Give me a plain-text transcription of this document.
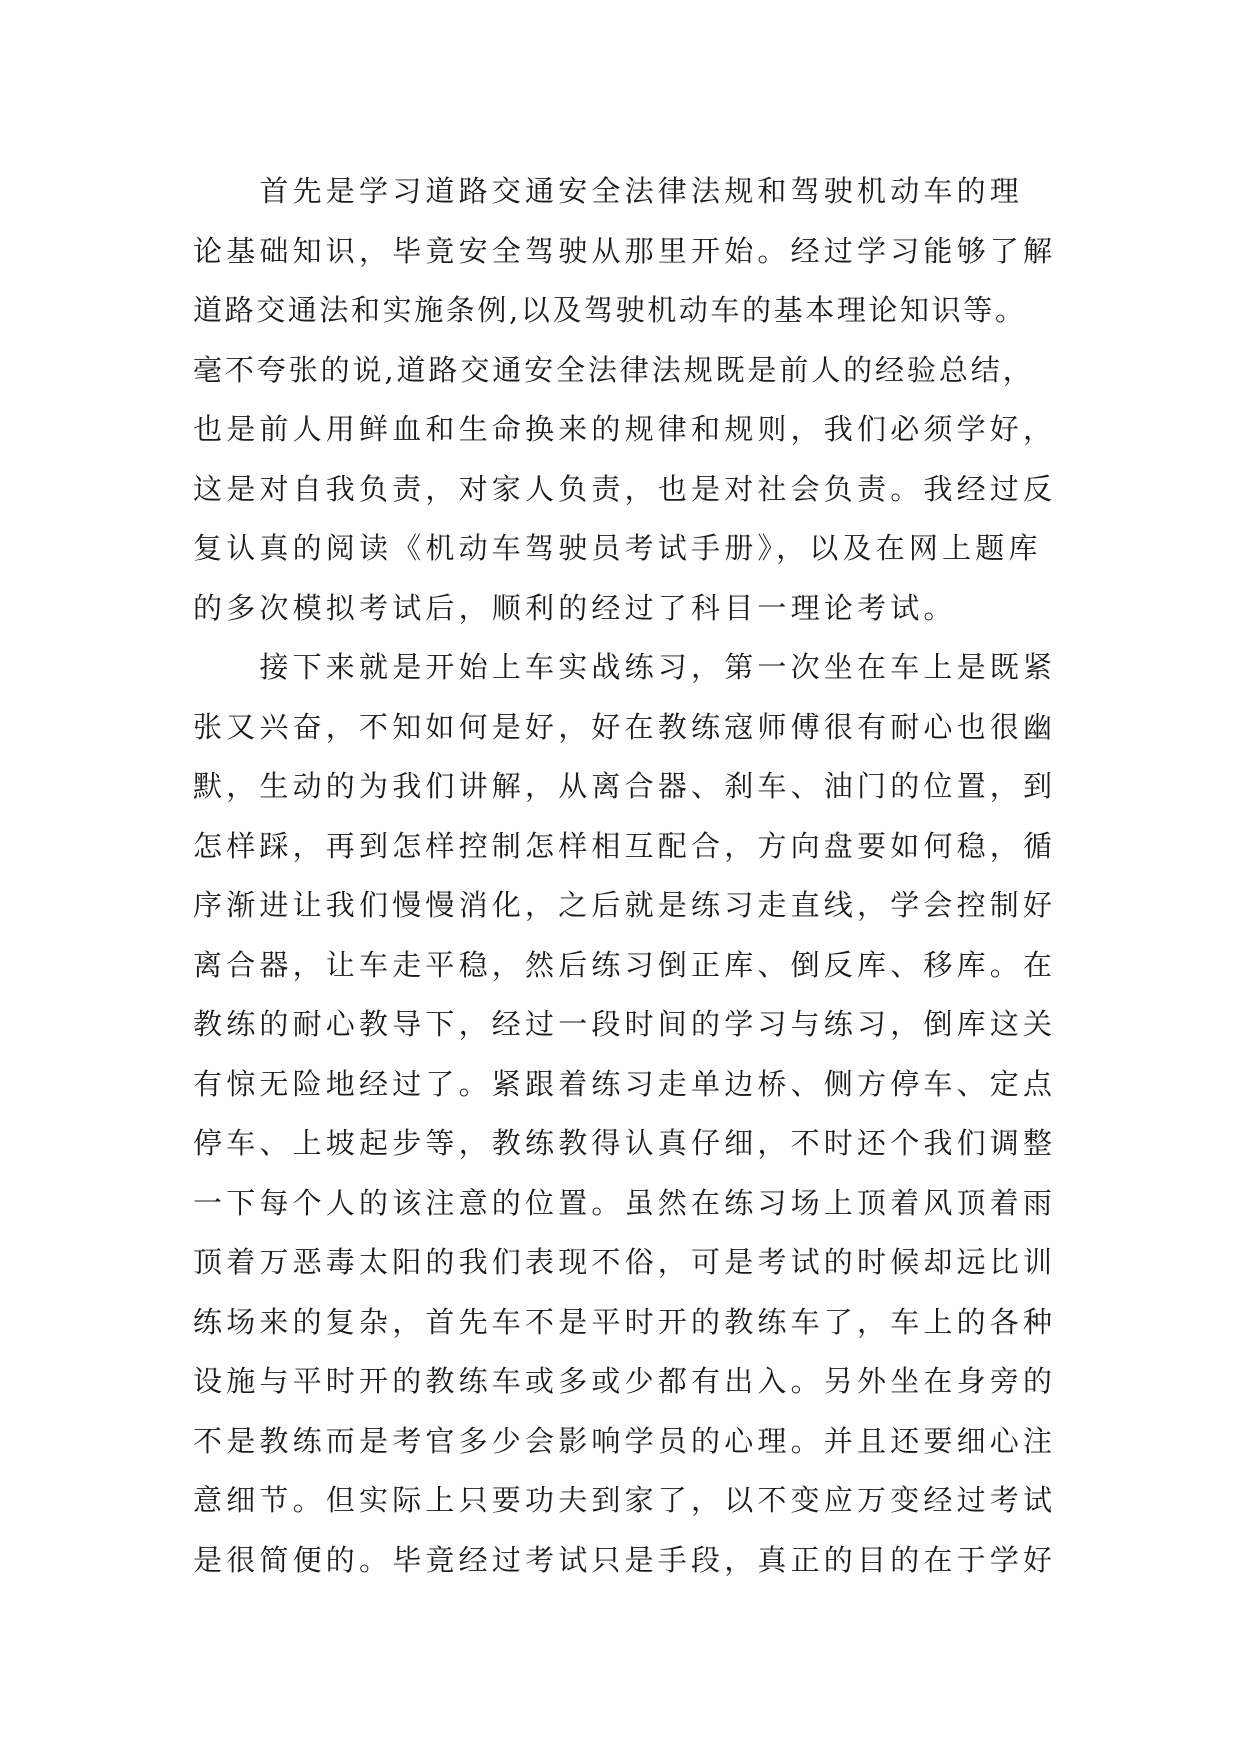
　　首先是学习道路交通安全法律法规和驾驶机动车的理
论基础知识，毕竟安全驾驶从那里开始。经过学习能够了解
道路交通法和实施条例,以及驾驶机动车的基本理论知识等。
毫不夸张的说,道路交通安全法律法规既是前人的经验总结，
也是前人用鲜血和生命换来的规律和规则，我们必须学好，
这是对自我负责，对家人负责，也是对社会负责。我经过反
复认真的阅读《机动车驾驶员考试手册》，以及在网上题库
的多次模拟考试后，顺利的经过了科目一理论考试。
　　接下来就是开始上车实战练习，第一次坐在车上是既紧
张又兴奋，不知如何是好，好在教练寇师傅很有耐心也很幽
默，生动的为我们讲解，从离合器、刹车、油门的位置，到
怎样踩，再到怎样控制怎样相互配合，方向盘要如何稳，循
序渐进让我们慢慢消化，之后就是练习走直线，学会控制好
离合器，让车走平稳，然后练习倒正库、倒反库、移库。在
教练的耐心教导下，经过一段时间的学习与练习，倒库这关
有惊无险地经过了。紧跟着练习走单边桥、侧方停车、定点
停车、上坡起步等，教练教得认真仔细，不时还个我们调整
一下每个人的该注意的位置。虽然在练习场上顶着风顶着雨
顶着万恶毒太阳的我们表现不俗，可是考试的时候却远比训
练场来的复杂，首先车不是平时开的教练车了，车上的各种
设施与平时开的教练车或多或少都有出入。另外坐在身旁的
不是教练而是考官多少会影响学员的心理。并且还要细心注
意细节。但实际上只要功夫到家了，以不变应万变经过考试
是很简便的。毕竟经过考试只是手段，真正的目的在于学好
